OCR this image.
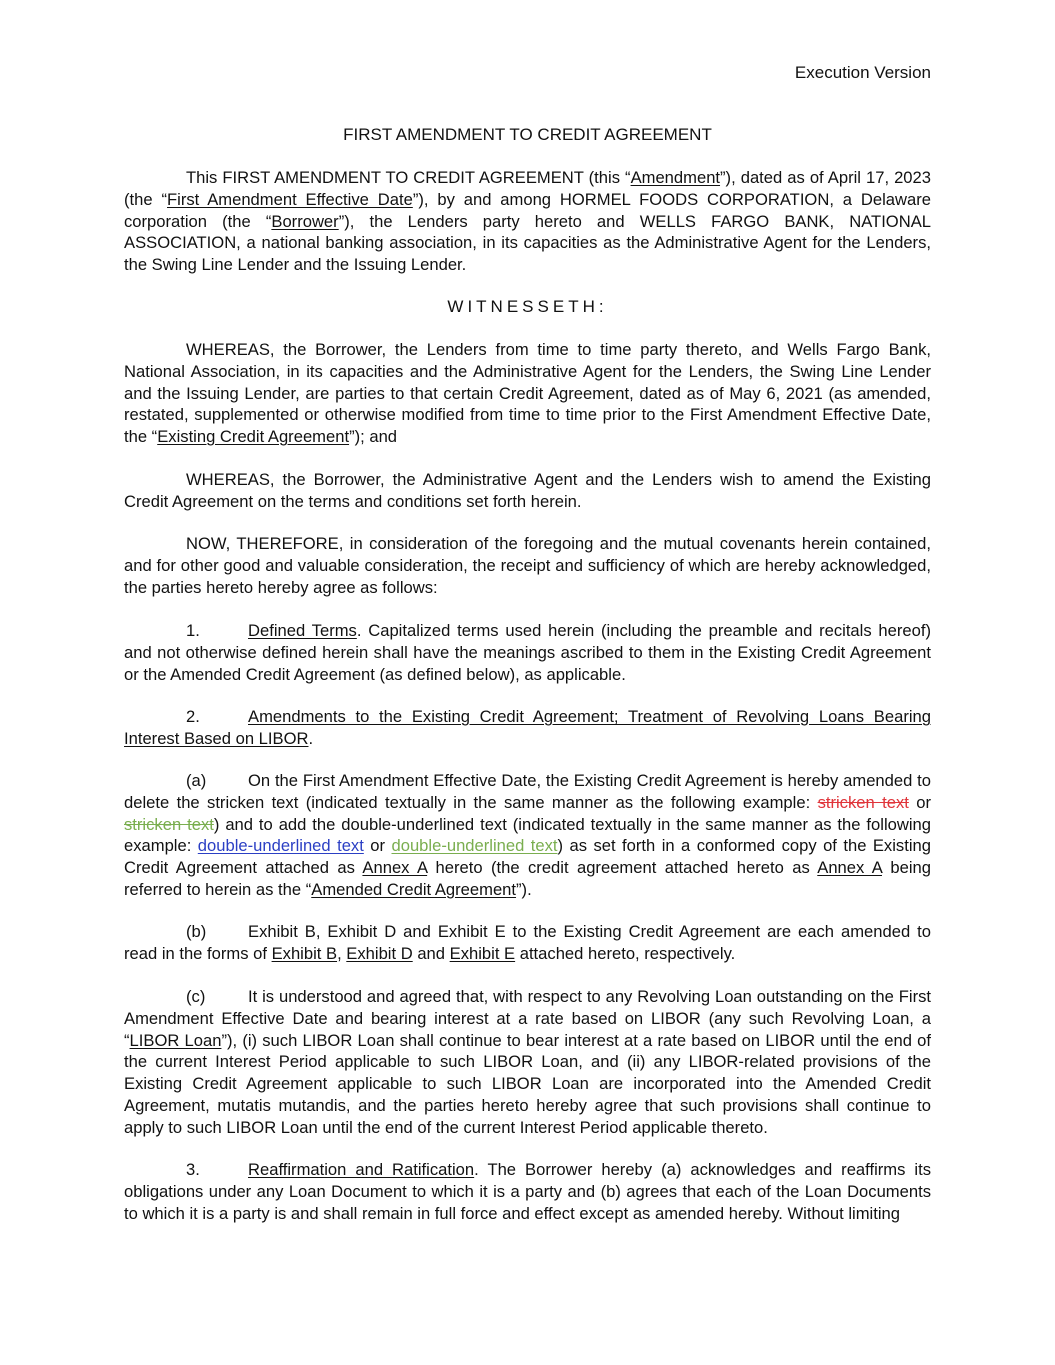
Execution Version
FIRST AMENDMENT TO CREDIT AGREEMENT
This FIRST AMENDMENT TO CREDIT AGREEMENT (this “Amendment”), dated as of April 17, 2023 (the “First Amendment Effective Date”), by and among HORMEL FOODS CORPORATION, a Delaware corporation (the “Borrower”), the Lenders party hereto and WELLS FARGO BANK, NATIONAL ASSOCIATION, a national banking association, in its capacities as the Administrative Agent for the Lenders, the Swing Line Lender and the Issuing Lender.
WITNESSETH:
WHEREAS, the Borrower, the Lenders from time to time party thereto, and Wells Fargo Bank, National Association, in its capacities and the Administrative Agent for the Lenders, the Swing Line Lender and the Issuing Lender, are parties to that certain Credit Agreement, dated as of May 6, 2021 (as amended, restated, supplemented or otherwise modified from time to time prior to the First Amendment Effective Date, the “Existing Credit Agreement”); and
WHEREAS, the Borrower, the Administrative Agent and the Lenders wish to amend the Existing Credit Agreement on the terms and conditions set forth herein.
NOW, THEREFORE, in consideration of the foregoing and the mutual covenants herein contained, and for other good and valuable consideration, the receipt and sufficiency of which are hereby acknowledged, the parties hereto hereby agree as follows:
1.	Defined Terms. Capitalized terms used herein (including the preamble and recitals hereof) and not otherwise defined herein shall have the meanings ascribed to them in the Existing Credit Agreement or the Amended Credit Agreement (as defined below), as applicable.
2.	Amendments to the Existing Credit Agreement; Treatment of Revolving Loans Bearing Interest Based on LIBOR.
(a)	On the First Amendment Effective Date, the Existing Credit Agreement is hereby amended to delete the stricken text (indicated textually in the same manner as the following example: stricken text or stricken text) and to add the double-underlined text (indicated textually in the same manner as the following example: double-underlined text or double-underlined text) as set forth in a conformed copy of the Existing Credit Agreement attached as Annex A hereto (the credit agreement attached hereto as Annex A being referred to herein as the “Amended Credit Agreement”).
(b)	Exhibit B, Exhibit D and Exhibit E to the Existing Credit Agreement are each amended to read in the forms of Exhibit B, Exhibit D and Exhibit E attached hereto, respectively.
(c)	It is understood and agreed that, with respect to any Revolving Loan outstanding on the First Amendment Effective Date and bearing interest at a rate based on LIBOR (any such Revolving Loan, a “LIBOR Loan”), (i) such LIBOR Loan shall continue to bear interest at a rate based on LIBOR until the end of the current Interest Period applicable to such LIBOR Loan, and (ii) any LIBOR-related provisions of the Existing Credit Agreement applicable to such LIBOR Loan are incorporated into the Amended Credit Agreement, mutatis mutandis, and the parties hereto hereby agree that such provisions shall continue to apply to such LIBOR Loan until the end of the current Interest Period applicable thereto.
3.	Reaffirmation and Ratification. The Borrower hereby (a) acknowledges and reaffirms its obligations under any Loan Document to which it is a party and (b) agrees that each of the Loan Documents to which it is a party is and shall remain in full force and effect except as amended hereby. Without limiting
